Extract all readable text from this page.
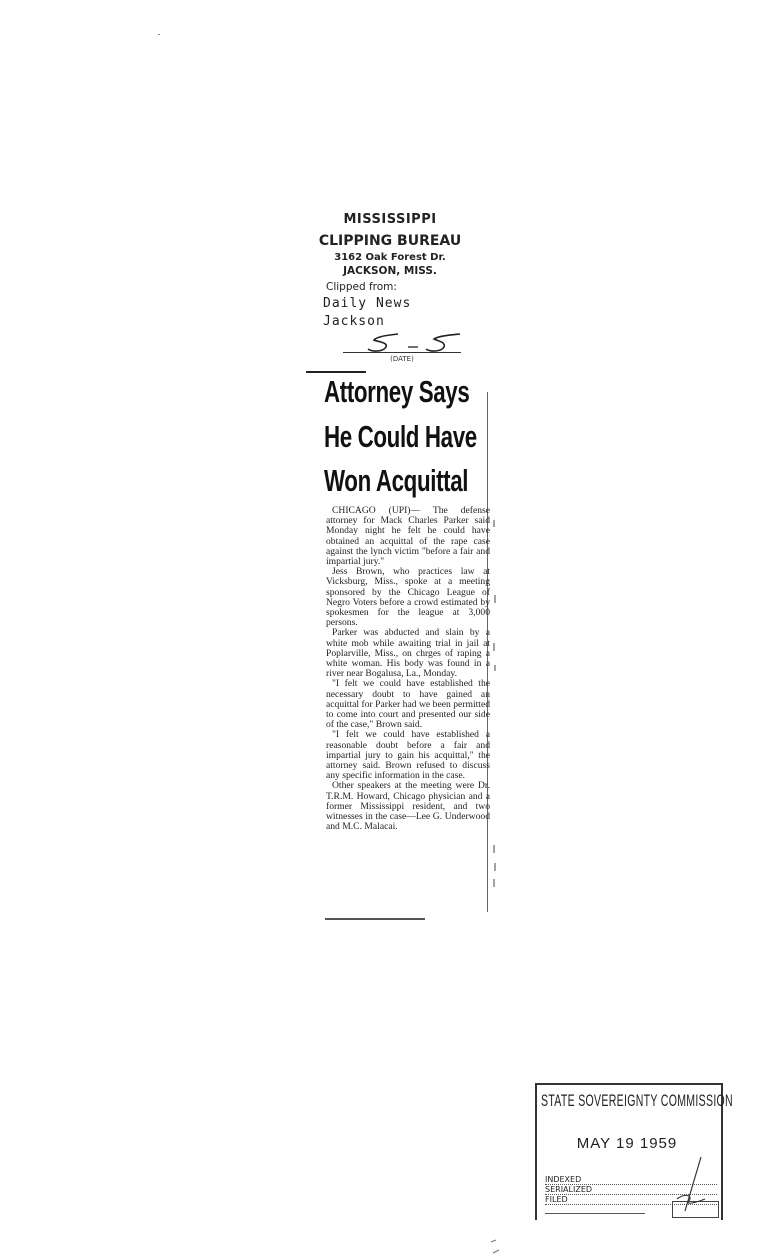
MISSISSIPPI
CLIPPING BUREAU
3162 Oak Forest Dr.
JACKSON, MISS.
Clipped from:
Daily News
Jackson
(DATE)
Attorney Says
He Could Have
Won Acquittal

CHICAGO (UPI)— The defense attorney for Mack Charles Parker said Monday night he felt he could have obtained an acquittal of the rape case against the lynch victim "before a fair and impartial jury."

Jess Brown, who practices law at Vicksburg, Miss., spoke at a meeting sponsored by the Chicago League of Negro Voters before a crowd estimated by spokesmen for the league at 3,000 persons.

Parker was abducted and slain by a white mob while awaiting trial in jail at Poplarville, Miss., on chrges of raping a white woman. His body was found in a river near Bogalusa, La., Monday.

"I felt we could have established the necessary doubt to have gained an acquittal for Parker had we been permitted to come into court and presented our side of the case," Brown said.

"I felt we could have established a reasonable doubt before a fair and impartial jury to gain his acquittal," the attorney said. Brown refused to discuss any specific information in the case.

Other speakers at the meeting were Dr. T.R.M. Howard, Chicago physician and a former Mississippi resident, and two witnesses in the case—Lee G. Underwood and M.C. Malacai.

STATE SOVEREIGNTY COMMISSION
MAY 19 1959
INDEXED
SERIALIZED
FILED
